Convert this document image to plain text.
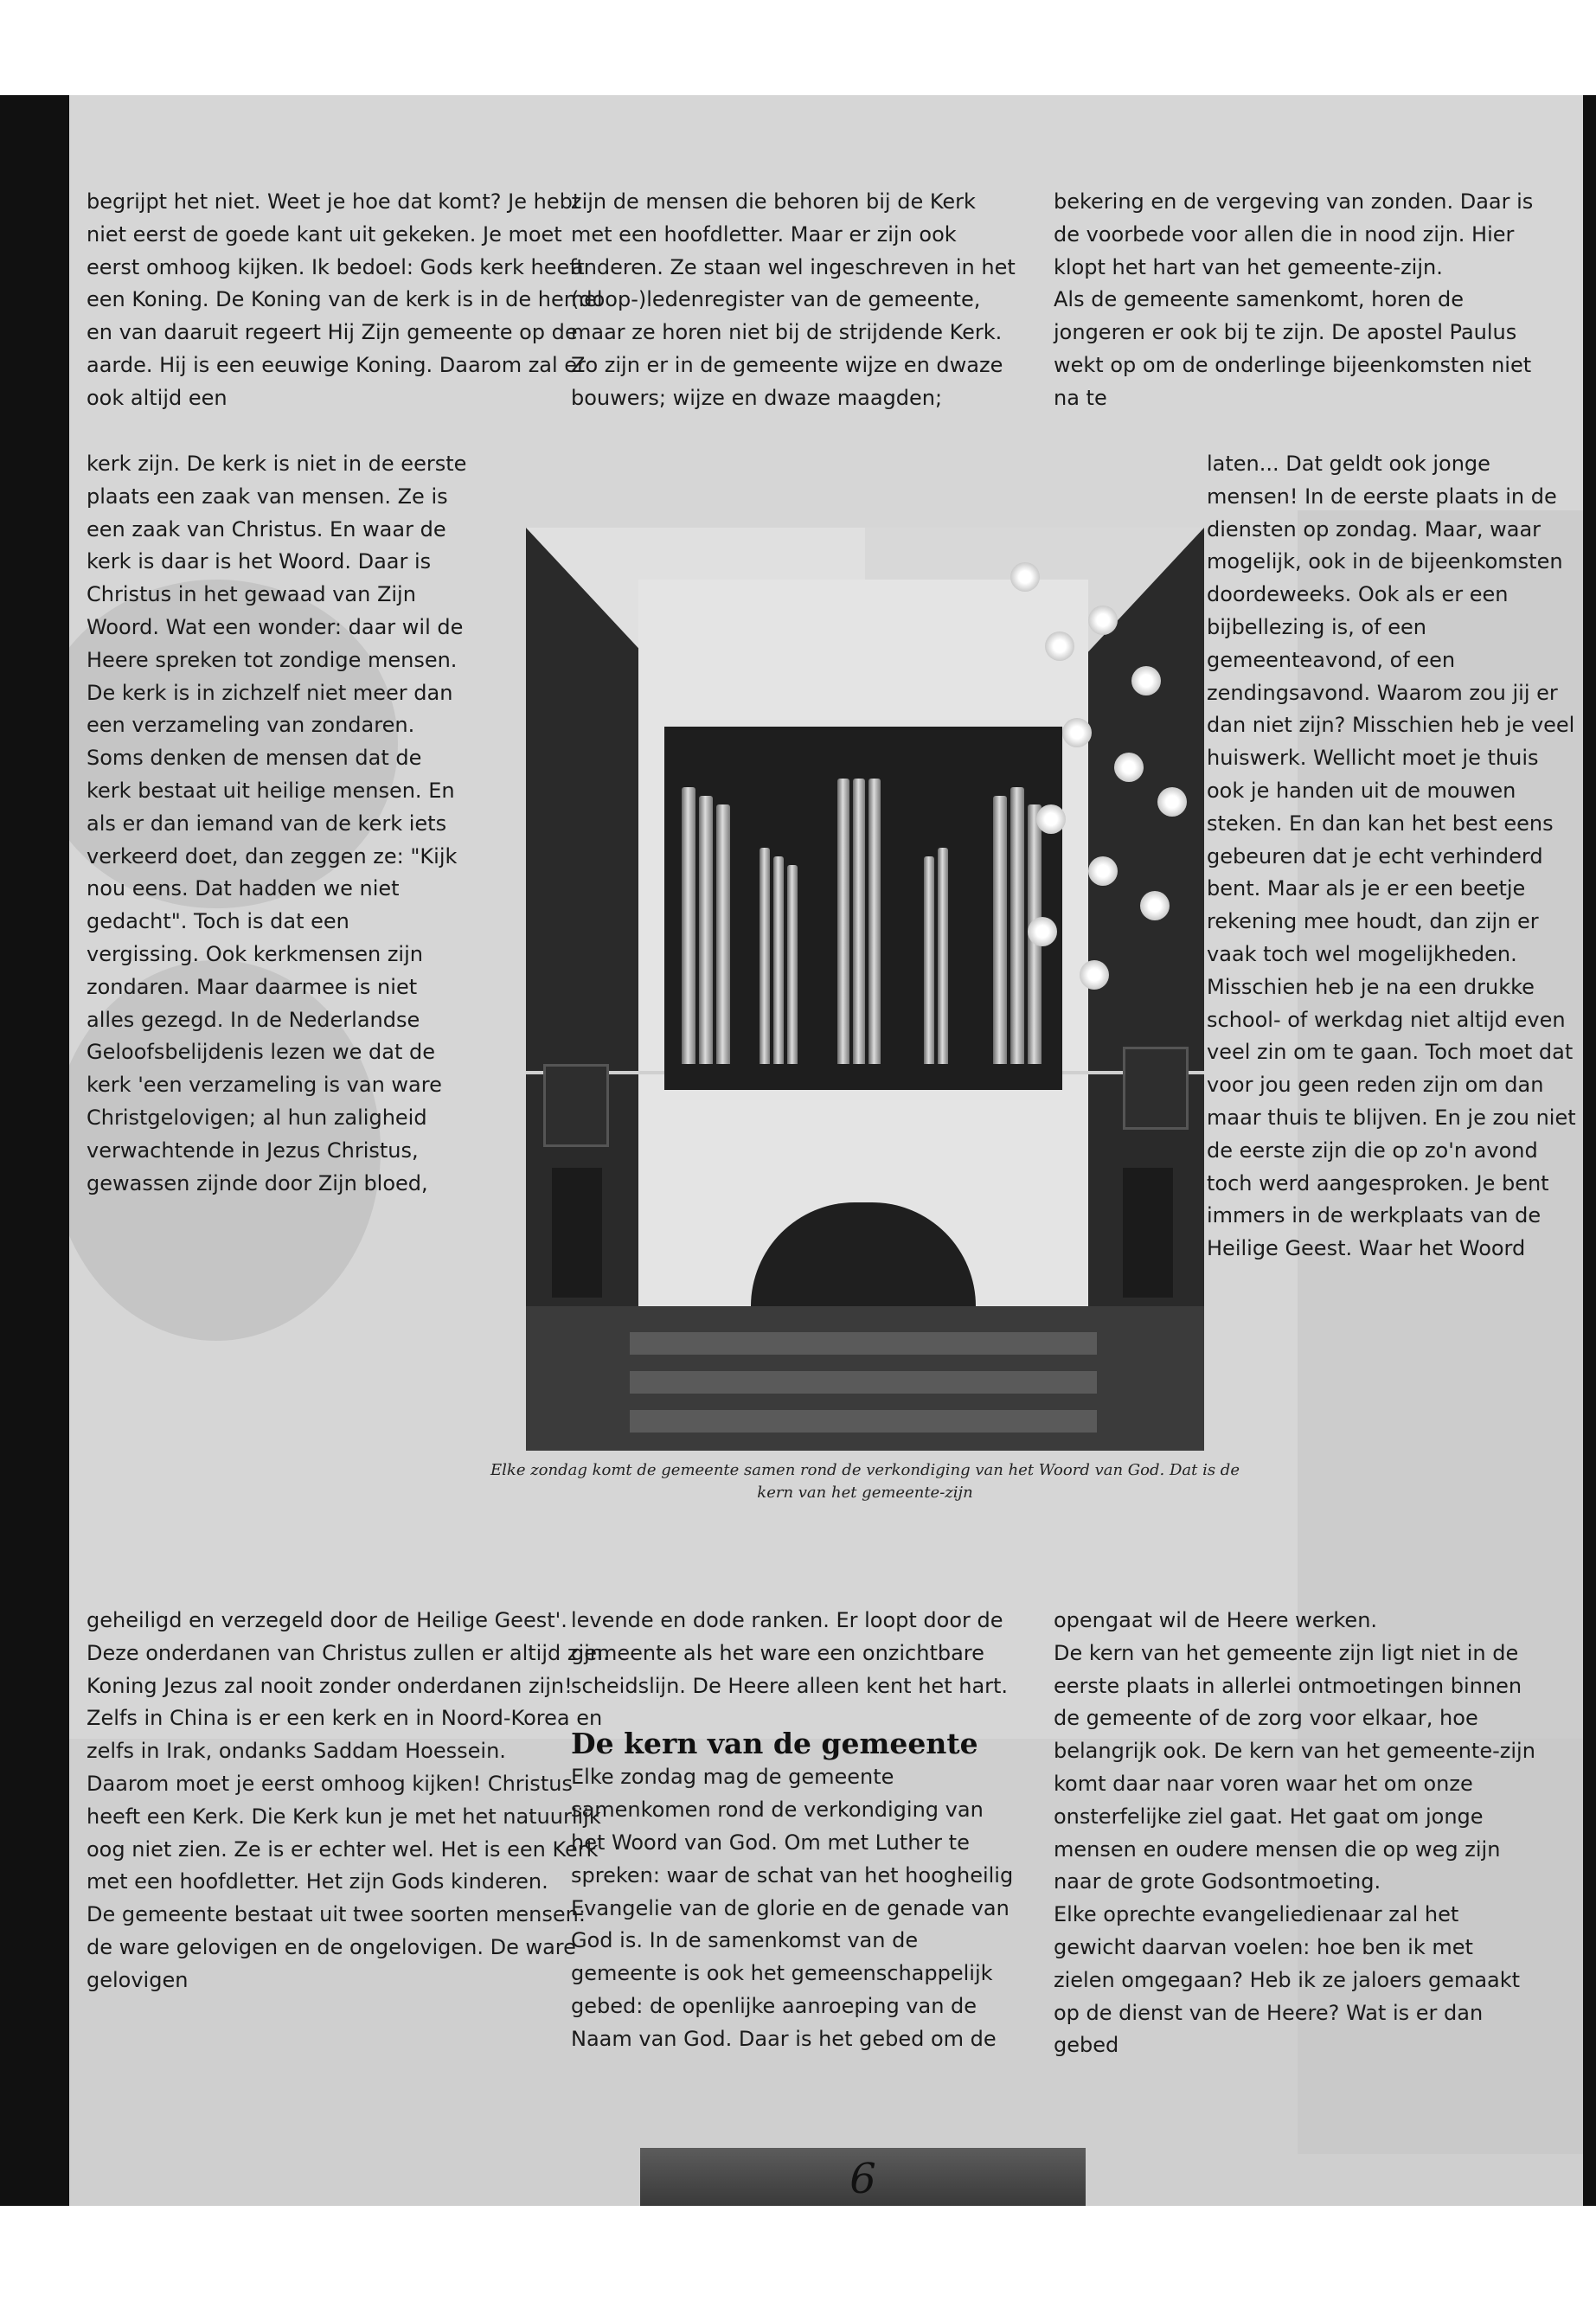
begrijpt het niet. Weet je hoe dat komt? Je hebt niet eerst de goede kant uit gekeken. Je moet eerst omhoog kijken. Ik bedoel: Gods kerk heeft een Koning. De Koning van de kerk is in de hemel en van daaruit regeert Hij Zijn gemeente op de aarde. Hij is een eeuwige Koning. Daarom zal er ook altijd een

kerk zijn. De kerk is niet in de eerste plaats een zaak van mensen. Ze is een zaak van Christus. En waar de kerk is daar is het Woord. Daar is Christus in het gewaad van Zijn Woord. Wat een wonder: daar wil de Heere spreken tot zondige mensen. De kerk is in zichzelf niet meer dan een verzameling van zondaren. Soms denken de mensen dat de kerk bestaat uit heilige mensen. En als er dan iemand van de kerk iets verkeerd doet, dan zeggen ze: "Kijk nou eens. Dat hadden we niet gedacht". Toch is dat een vergissing. Ook kerkmensen zijn zondaren. Maar daarmee is niet alles gezegd. In de Nederlandse Geloofsbelijdenis lezen we dat de kerk 'een verzameling is van ware Christgelovigen; al hun zaligheid verwachtende in Jezus Christus, gewassen zijnde door Zijn bloed,

geheiligd en verzegeld door de Heilige Geest'. Deze onderdanen van Christus zullen er altijd zijn. Koning Jezus zal nooit zonder onderdanen zijn! Zelfs in China is er een kerk en in Noord-Korea en zelfs in Irak, ondanks Saddam Hoessein.

Daarom moet je eerst omhoog kijken! Christus heeft een Kerk. Die Kerk kun je met het natuurlijk oog niet zien. Ze is er echter wel. Het is een Kerk met een hoofdletter. Het zijn Gods kinderen.

De gemeente bestaat uit twee soorten mensen: de ware gelovigen en de ongelovigen. De ware gelovigen

zijn de mensen die behoren bij de Kerk met een hoofdletter. Maar er zijn ook anderen. Ze staan wel ingeschreven in het (doop-)ledenregister van de gemeente, maar ze horen niet bij de strijdende Kerk. Zo zijn er in de gemeente wijze en dwaze bouwers; wijze en dwaze maagden;

levende en dode ranken. Er loopt door de gemeente als het ware een onzichtbare scheidslijn. De Heere alleen kent het hart.

De kern van de gemeente

Elke zondag mag de gemeente samenkomen rond de verkondiging van het Woord van God. Om met Luther te spreken: waar de schat van het hoogheilig Evangelie van de glorie en de genade van God is. In de samenkomst van de gemeente is ook het gemeenschappelijk gebed: de openlijke aanroeping van de Naam van God. Daar is het gebed om de

bekering en de vergeving van zonden. Daar is de voorbede voor allen die in nood zijn. Hier klopt het hart van het gemeente-zijn.

Als de gemeente samenkomt, horen de jongeren er ook bij te zijn. De apostel Paulus wekt op om de onderlinge bijeenkomsten niet na te

laten... Dat geldt ook jonge mensen! In de eerste plaats in de diensten op zondag. Maar, waar mogelijk, ook in de bijeenkomsten doordeweeks. Ook als er een bijbellezing is, of een gemeenteavond, of een zendingsavond. Waarom zou jij er dan niet zijn? Misschien heb je veel huiswerk. Wellicht moet je thuis ook je handen uit de mouwen steken. En dan kan het best eens gebeuren dat je echt verhinderd bent. Maar als je er een beetje rekening mee houdt, dan zijn er vaak toch wel mogelijkheden. Misschien heb je na een drukke school- of werkdag niet altijd even veel zin om te gaan. Toch moet dat voor jou geen reden zijn om dan maar thuis te blijven. En je zou niet de eerste zijn die op zo'n avond toch werd aangesproken. Je bent immers in de werkplaats van de Heilige Geest. Waar het Woord

opengaat wil de Heere werken.

De kern van het gemeente zijn ligt niet in de eerste plaats in allerlei ontmoetingen binnen de gemeente of de zorg voor elkaar, hoe belangrijk ook. De kern van het gemeente-zijn komt daar naar voren waar het om onze onsterfelijke ziel gaat. Het gaat om jonge mensen en oudere mensen die op weg zijn naar de grote Godsontmoeting.

Elke oprechte evangeliedienaar zal het gewicht daarvan voelen: hoe ben ik met zielen omgegaan? Heb ik ze jaloers gemaakt op de dienst van de Heere? Wat is er dan gebed

Elke zondag komt de gemeente samen rond de verkondiging van het Woord van God. Dat is de kern van het gemeente-zijn
6
